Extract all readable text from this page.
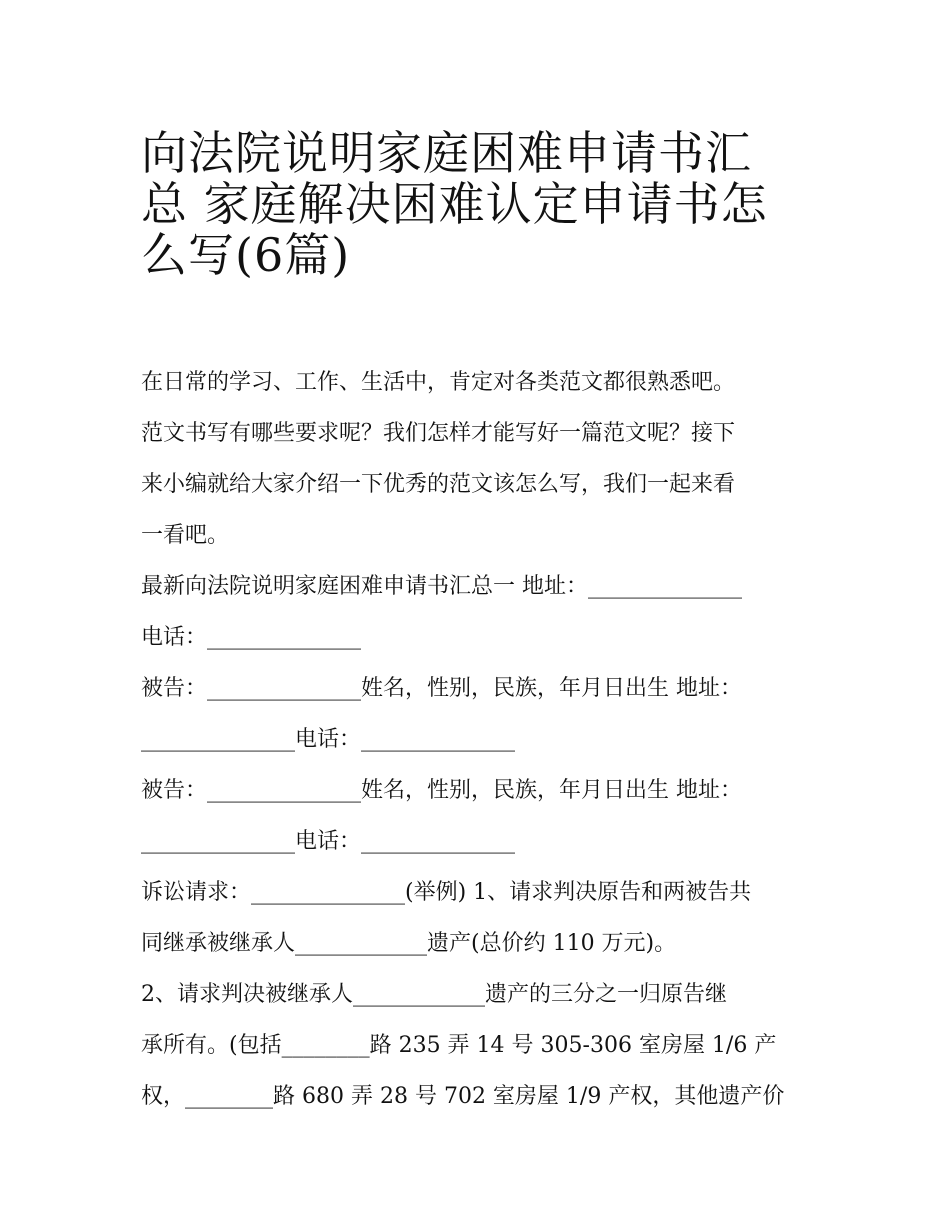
向法院说明家庭困难申请书汇
总 家庭解决困难认定申请书怎
么写(6篇)
在日常的学习、工作、生活中，肯定对各类范文都很熟悉吧。
范文书写有哪些要求呢？我们怎样才能写好一篇范文呢？接下
来小编就给大家介绍一下优秀的范文该怎么写，我们一起来看
一看吧。
最新向法院说明家庭困难申请书汇总一 地址：______________
电话：______________
被告：______________姓名，性别，民族，年月日出生 地址：
______________电话：______________
被告：______________姓名，性别，民族，年月日出生 地址：
______________电话：______________
诉讼请求：______________(举例) 1、请求判决原告和两被告共
同继承被继承人____________遗产(总价约 110 万元)。
2、请求判决被继承人____________遗产的三分之一归原告继
承所有。(包括________路 235 弄 14 号 305-306 室房屋 1/6 产
权，________路 680 弄 28 号 702 室房屋 1/9 产权，其他遗产价
